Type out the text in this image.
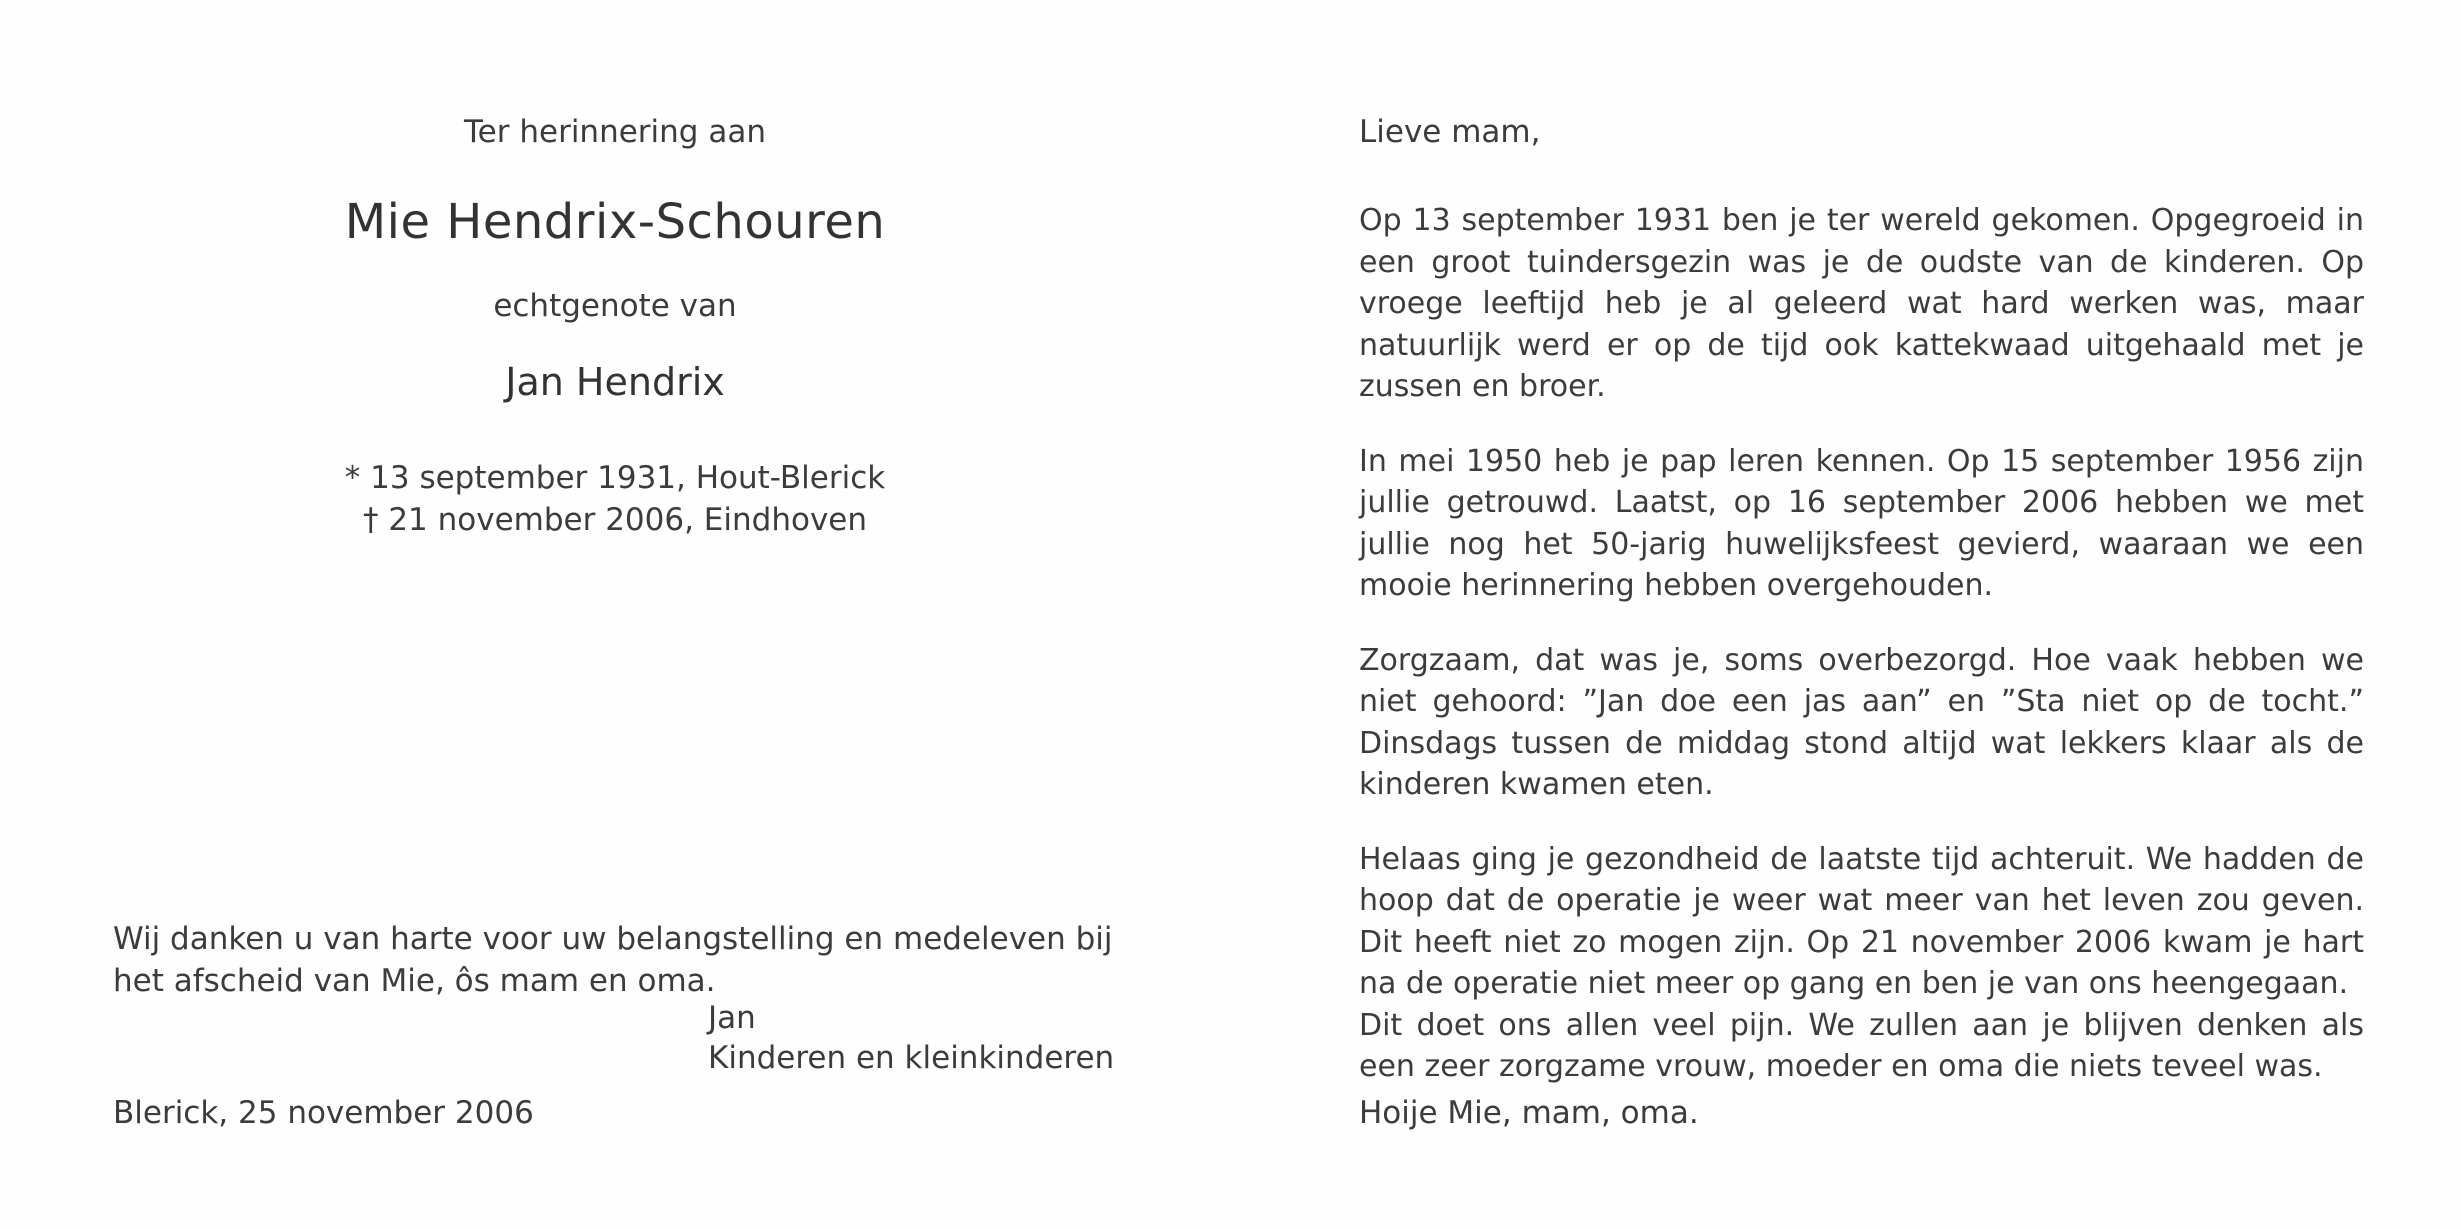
Ter herinnering aan

Mie Hendrix-Schouren

echtgenote van

Jan Hendrix

* 13 september 1931, Hout-Blerick

† 21 november 2006, Eindhoven

Wij danken u van harte voor uw belangstelling en medeleven bij het afscheid van Mie, ôs mam en oma.

Jan
Kinderen en kleinkinderen

Blerick, 25 november 2006

Lieve mam,

Op 13 september 1931 ben je ter wereld gekomen. Opgegroeid in een groot tuindersgezin was je de oudste van de kinderen. Op vroege leeftijd heb je al geleerd wat hard werken was, maar natuurlijk werd er op de tijd ook kattekwaad uitgehaald met je zussen en broer.

In mei 1950 heb je pap leren kennen. Op 15 september 1956 zijn jullie getrouwd. Laatst, op 16 september 2006 hebben we met jullie nog het 50-jarig huwelijksfeest gevierd, waaraan we een mooie herinnering hebben overgehouden.

Zorgzaam, dat was je, soms overbezorgd. Hoe vaak hebben we niet gehoord: ”Jan doe een jas aan” en ”Sta niet op de tocht.” Dinsdags tussen de middag stond altijd wat lekkers klaar als de kinderen kwamen eten.

Helaas ging je gezondheid de laatste tijd achteruit. We hadden de hoop dat de operatie je weer wat meer van het leven zou geven. Dit heeft niet zo mogen zijn. Op 21 november 2006 kwam je hart na de operatie niet meer op gang en ben je van ons heengegaan.

Dit doet ons allen veel pijn. We zullen aan je blijven denken als een zeer zorgzame vrouw, moeder en oma die niets teveel was.

Hoije Mie, mam, oma.
